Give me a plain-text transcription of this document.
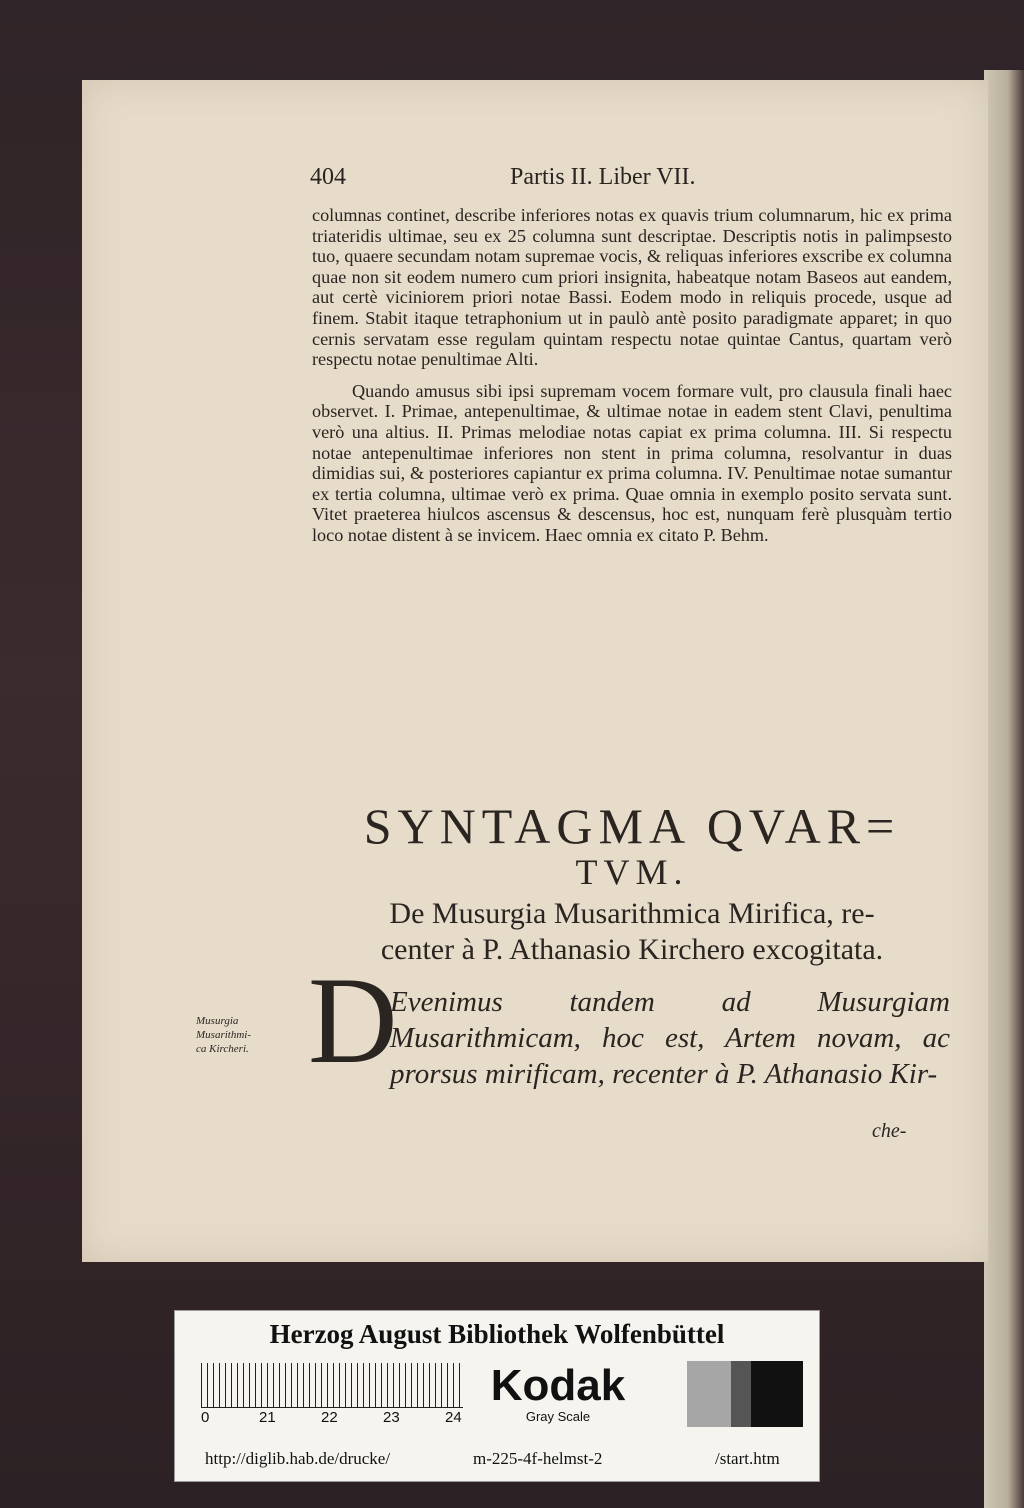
404	Partis II. Liber VII.

columnas continet, describe inferiores notas ex quavis trium columnarum, hic ex prima triateridis ultimae, seu ex 25 columna sunt descriptae. Descriptis notis in palimpsesto tuo, quaere secundam notam supremae vocis, & reliquas inferiores exscribe ex columna quae non sit eodem numero cum priori insignita, habeatque notam Baseos aut eandem, aut certè viciniorem priori notae Bassi. Eodem modo in reliquis procede, usque ad finem. Stabit itaque tetraphonium ut in paulò antè posito paradigmate apparet; in quo cernis servatam esse regulam quintam respectu notae quintae Cantus, quartam verò respectu notae penultimae Alti.

Quando amusus sibi ipsi supremam vocem formare vult, pro clausula finali haec observet. I. Primae, antepenultimae, & ultimae notae in eadem stent Clavi, penultima verò una altius. II. Primas melodiae notas capiat ex prima columna. III. Si respectu notae antepenultimae inferiores non stent in prima columna, resolvantur in duas dimidias sui, & posteriores capiantur ex prima columna. IV. Penultimae notae sumantur ex tertia columna, ultimae verò ex prima. Quae omnia in exemplo posito servata sunt. Vitet praeterea hiulcos ascensus & descensus, hoc est, nunquam ferè plusquàm tertio loco notae distent à se invicem. Haec omnia ex citato P. Behm.

SYNTAGMA QVAR=
TVM.
De Musurgia Musarithmica Mirifica, re-
center à P. Athanasio Kirchero excogitata.
Musurgia
Musarithmi-
ca Kircheri. D
Evenimus tandem ad Musurgiam Musarithmicam, hoc est, Artem novam, ac prorsus mirificam, recenter à P. Athanasio Kir-
che-
Herzog August Bibliothek Wolfenbüttel
0	21	22	23	24
Kodak
Gray Scale
http://diglib.hab.de/drucke/	m-225-4f-helmst-2	/start.htm
